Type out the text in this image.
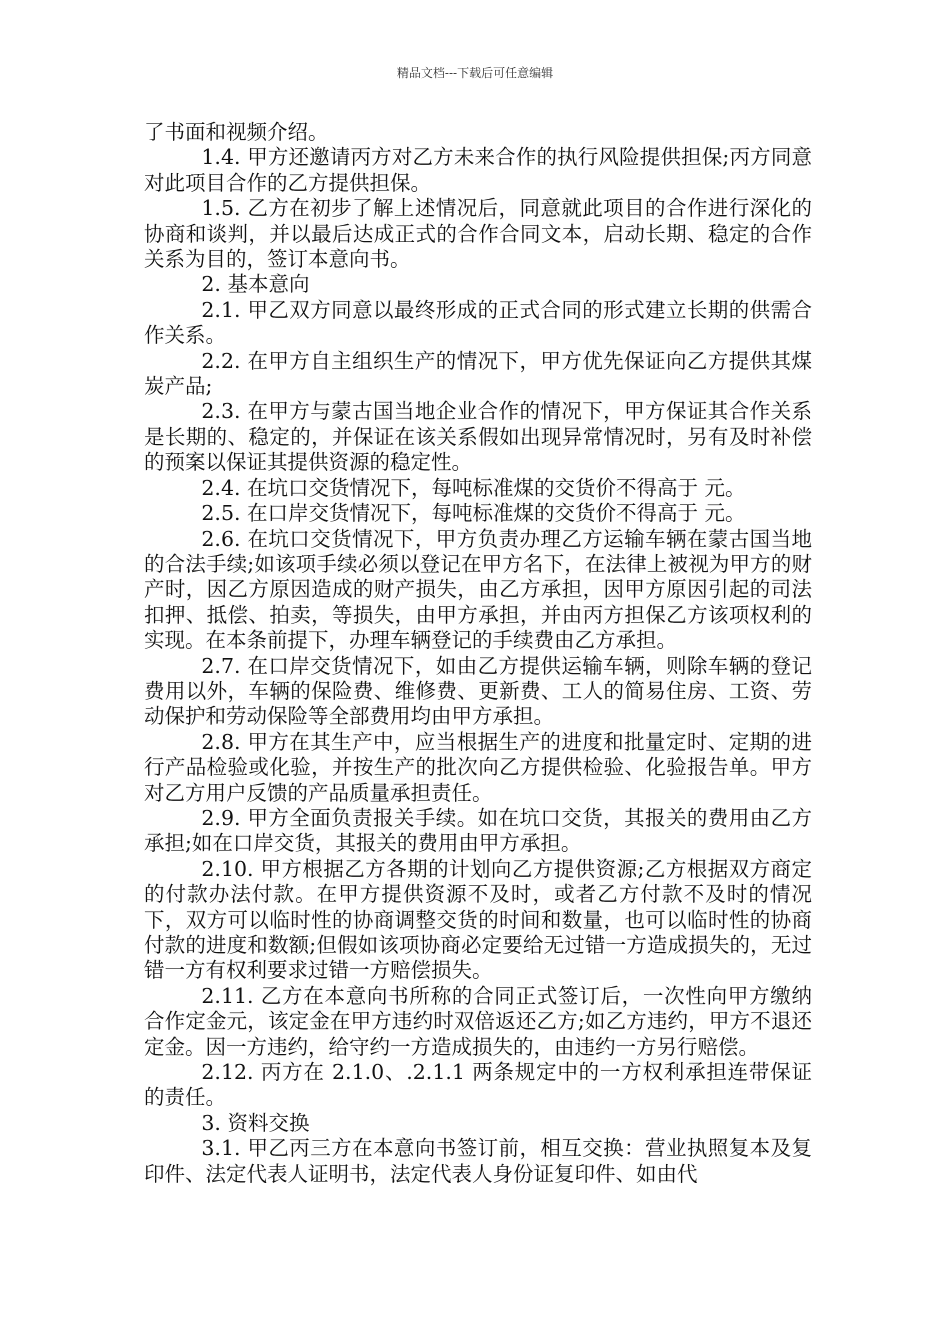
精品文档---下载后可任意编辑

了书面和视频介绍。

1.4. 甲方还邀请丙方对乙方未来合作的执行风险提供担保;丙方同意对此项目合作的乙方提供担保。

1.5. 乙方在初步了解上述情况后，同意就此项目的合作进行深化的协商和谈判，并以最后达成正式的合作合同文本，启动长期、稳定的合作关系为目的，签订本意向书。

2. 基本意向

2.1. 甲乙双方同意以最终形成的正式合同的形式建立长期的供需合作关系。

2.2. 在甲方自主组织生产的情况下，甲方优先保证向乙方提供其煤炭产品;

2.3. 在甲方与蒙古国当地企业合作的情况下，甲方保证其合作关系是长期的、稳定的，并保证在该关系假如出现异常情况时，另有及时补偿的预案以保证其提供资源的稳定性。

2.4. 在坑口交货情况下，每吨标准煤的交货价不得高于 元。

2.5. 在口岸交货情况下，每吨标准煤的交货价不得高于 元。

2.6. 在坑口交货情况下，甲方负责办理乙方运输车辆在蒙古国当地的合法手续;如该项手续必须以登记在甲方名下，在法律上被视为甲方的财产时，因乙方原因造成的财产损失，由乙方承担，因甲方原因引起的司法扣押、抵偿、拍卖，等损失，由甲方承担，并由丙方担保乙方该项权利的实现。在本条前提下，办理车辆登记的手续费由乙方承担。

2.7. 在口岸交货情况下，如由乙方提供运输车辆，则除车辆的登记费用以外，车辆的保险费、维修费、更新费、工人的简易住房、工资、劳动保护和劳动保险等全部费用均由甲方承担。

2.8. 甲方在其生产中，应当根据生产的进度和批量定时、定期的进行产品检验或化验，并按生产的批次向乙方提供检验、化验报告单。甲方对乙方用户反馈的产品质量承担责任。

2.9. 甲方全面负责报关手续。如在坑口交货，其报关的费用由乙方承担;如在口岸交货，其报关的费用由甲方承担。

2.10. 甲方根据乙方各期的计划向乙方提供资源;乙方根据双方商定的付款办法付款。在甲方提供资源不及时，或者乙方付款不及时的情况下，双方可以临时性的协商调整交货的时间和数量，也可以临时性的协商付款的进度和数额;但假如该项协商必定要给无过错一方造成损失的，无过错一方有权利要求过错一方赔偿损失。

2.11. 乙方在本意向书所称的合同正式签订后，一次性向甲方缴纳合作定金元，该定金在甲方违约时双倍返还乙方;如乙方违约，甲方不退还定金。因一方违约，给守约一方造成损失的，由违约一方另行赔偿。

2.12. 丙方在 2.1.0、.2.1.1 两条规定中的一方权利承担连带保证的责任。

3. 资料交换

3.1. 甲乙丙三方在本意向书签订前，相互交换：营业执照复本及复印件、法定代表人证明书，法定代表人身份证复印件、如由代
